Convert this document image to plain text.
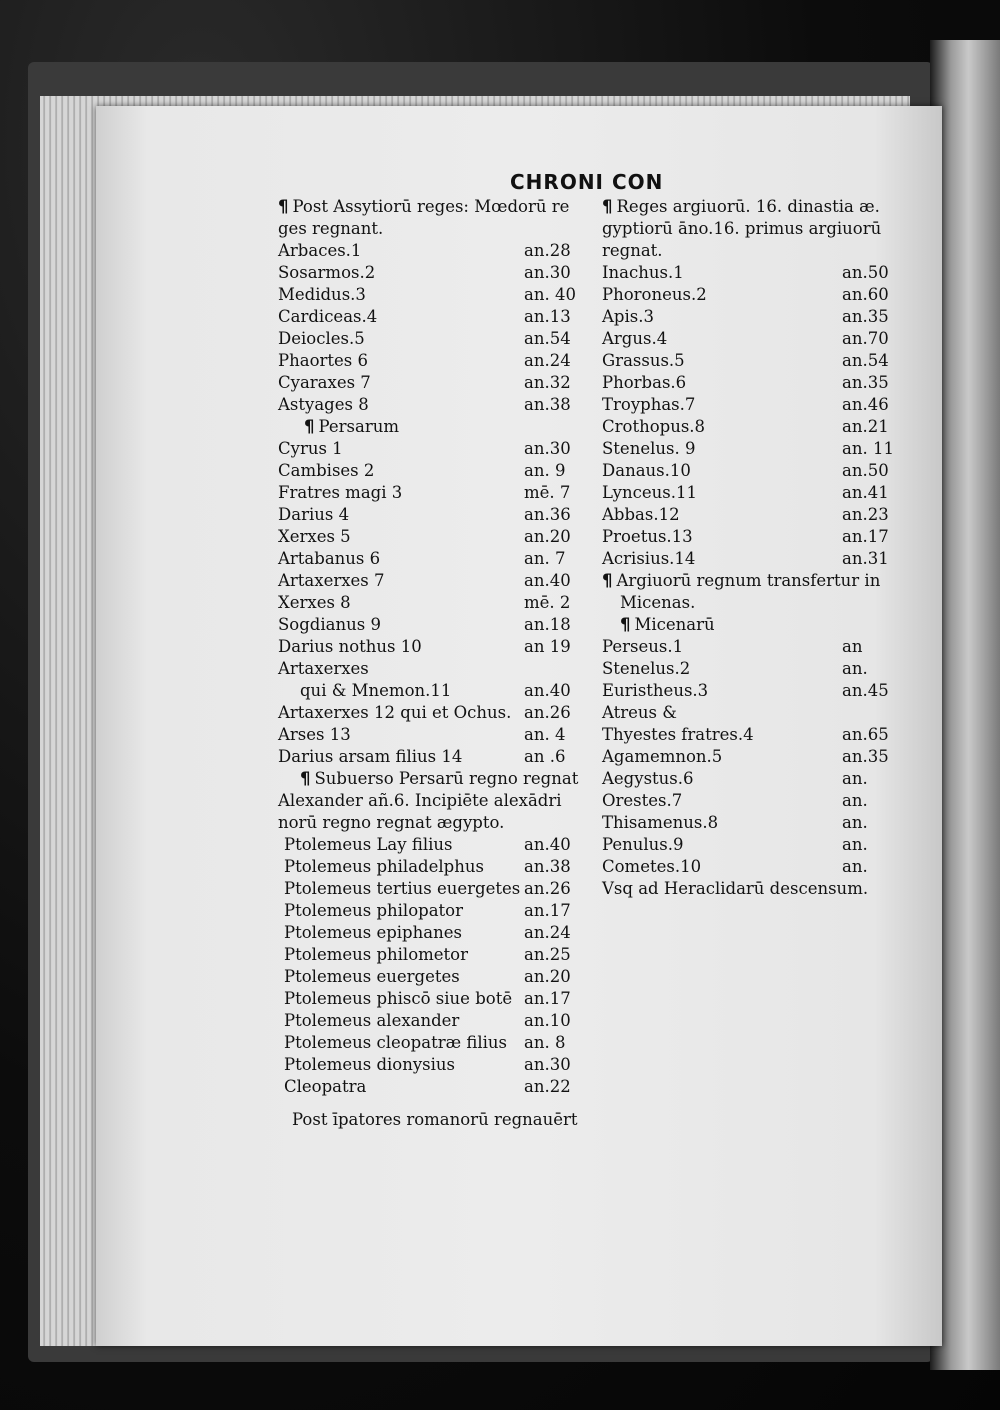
CHRONI CON
¶ Post Assytiorū reges: Mœdorū re
ges regnant.
Arbaces.1	an.28
Sosarmos.2	an.30
Medidus.3	an. 40
Cardiceas.4	an.13
Deiocles.5	an.54
Phaortes 6	an.24
Cyaraxes 7	an.32
Astyages 8	an.38
¶ Persarum
Cyrus 1	an.30
Cambises 2	an. 9
Fratres magi 3	mē. 7
Darius 4	an.36
Xerxes 5	an.20
Artabanus 6	an. 7
Artaxerxes 7	an.40
Xerxes 8	mē. 2
Sogdianus 9	an.18
Darius nothus 10	an 19
Artaxerxes
qui & Mnemon.11	an.40
Artaxerxes 12 qui et Ochus. an.26
Arses 13	an. 4
Darius arsam filius 14	an .6
¶ Subuerso Persarū regno regnat
Alexander añ.6. Incipiēte alexādri
norū regno regnat ægypto.
Ptolemeus Lay filius	an.40
Ptolemeus philadelphus an.38
Ptolemeus tertius euergetes an.26
Ptolemeus philopator	an.17
Ptolemeus epiphanes	an.24
Ptolemeus philometor	an.25
Ptolemeus euergetes	an.20
Ptolemeus phiscō siue botē an.17
Ptolemeus alexander	an.10
Ptolemeus cleopatræ filius an. 8
Ptolemeus dionysius	an.30
Cleopatra	an.22
Post īpatores romanorū regnauērt
¶ Reges argiuorū. 16. dinastia æ.
gyptiorū āno.16. primus argiuorū
regnat.
Inachus.1	an.50
Phoroneus.2	an.60
Apis.3	an.35
Argus.4	an.70
Grassus.5	an.54
Phorbas.6	an.35
Troyphas.7	an.46
Crothopus.8	an.21
Stenelus. 9	an. 11
Danaus.10	an.50
Lynceus.11	an.41
Abbas.12	an.23
Proetus.13	an.17
Acrisius.14	an.31
¶ Argiuorū regnum transfertur in
Micenas.
¶ Micenarū
Perseus.1	an
Stenelus.2	an.
Euristheus.3	an.45
Atreus &
Thyestes fratres.4	an.65
Agamemnon.5	an.35
Aegystus.6	an.
Orestes.7	an.
Thisamenus.8	an.
Penulus.9	an.
Cometes.10	an.
Vsq ad Heraclidarū descensum.
